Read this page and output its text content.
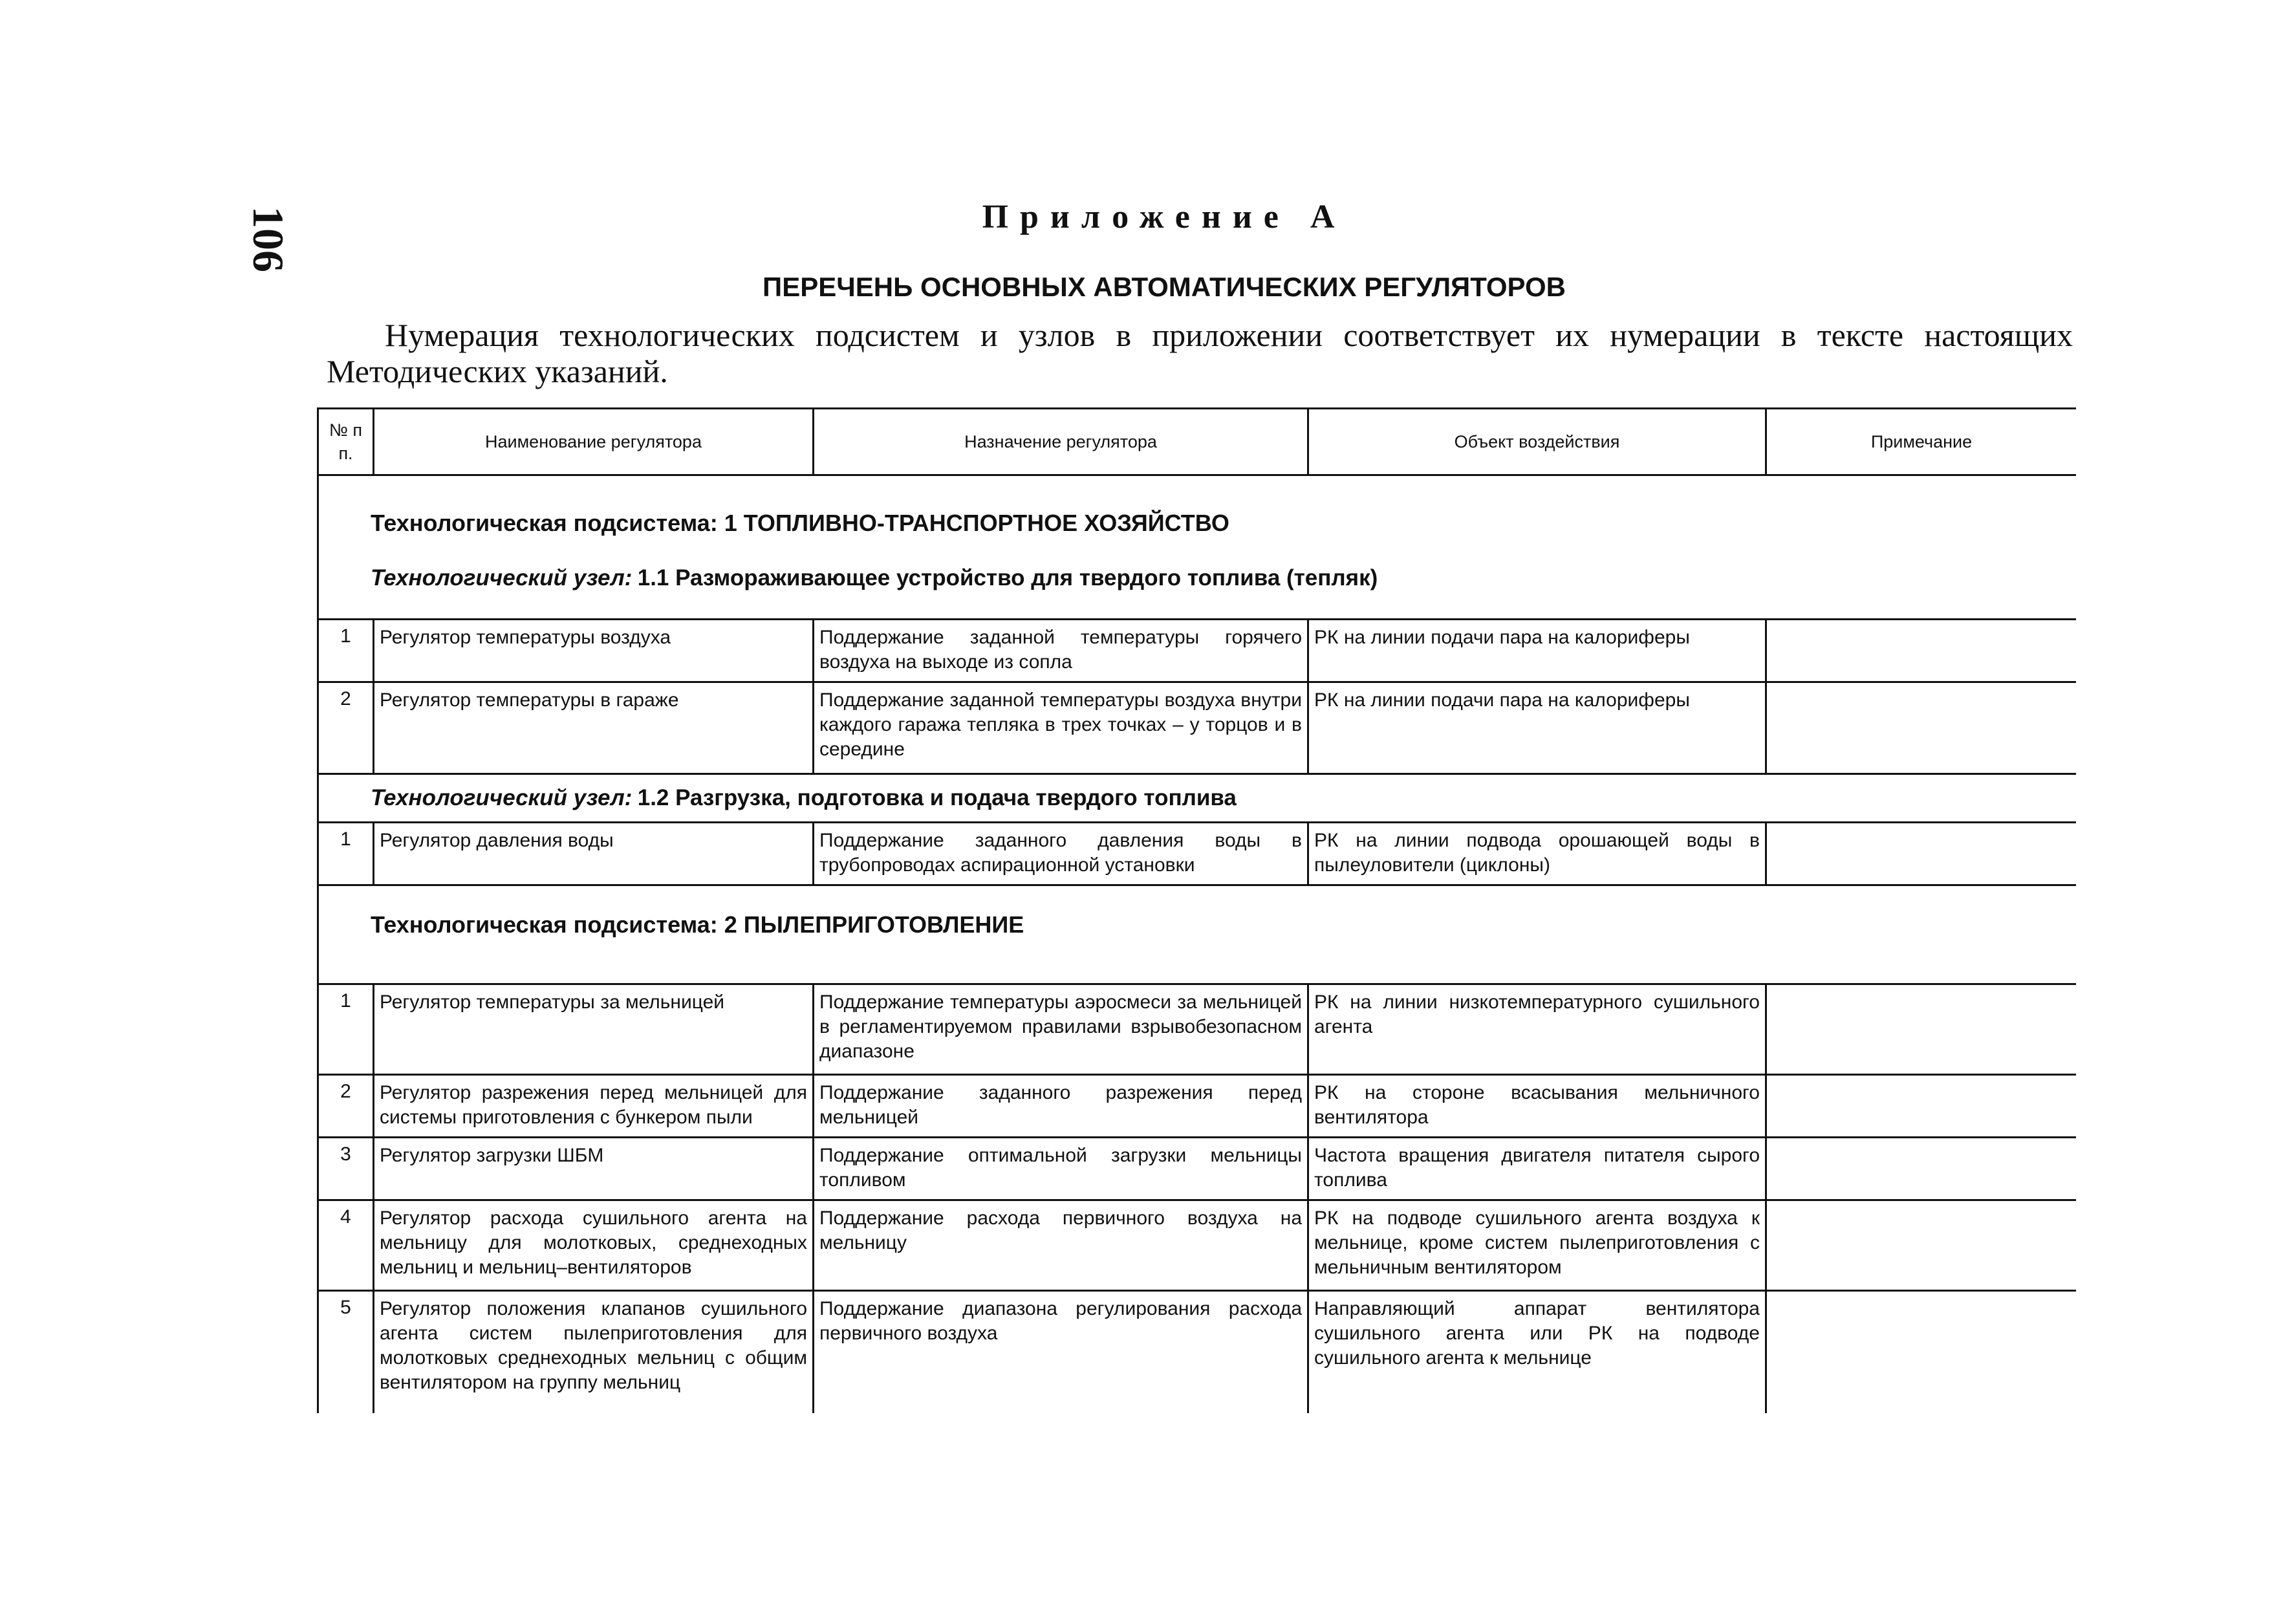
106	Приложение А
ПЕРЕЧЕНЬ ОСНОВНЫХ АВТОМАТИЧЕСКИХ РЕГУЛЯТОРОВ
Нумерация технологических подсистем и узлов в приложении соответствует их нумерации в тексте настоящих Методических указаний.
№ п п.	Наименование регулятора	Назначение регулятора	Объект воздействия	Примечание

Технологическая подсистема: 1 ТОПЛИВНО-ТРАНСПОРТНОЕ ХОЗЯЙСТВО
Технологический узел: 1.1 Размораживающее устройство для твердого топлива (тепляк)				

1	Регулятор температуры воздуха	Поддержание заданной температуры горячего воздуха на выходе из сопла	РК на линии подачи пара на калориферы	
2	Регулятор температуры в гараже	Поддержание заданной температуры воздуха внутри каждого гаража тепляка в трех точках – у торцов и в середине	РК на линии подачи пара на калориферы	
Технологический узел: 1.2 Разгрузка, подготовка и подача твердого топлива				
1	Регулятор давления воды	Поддержание заданного давления воды в трубопроводах аспирационной установки	РК на линии подвода орошающей воды в пылеуловители (циклоны)	

Технологическая подсистема: 2 ПЫЛЕПРИГОТОВЛЕНИЕ				

1	Регулятор температуры за мельницей	Поддержание температуры аэросмеси за мельницей в регламентируемом правилами взрывобезопасном диапазоне	РК на линии низкотемпературного сушильного агента	
2	Регулятор разрежения перед мельницей для системы приготовления с бункером пыли	Поддержание заданного разрежения перед мельницей	РК на стороне всасывания мельничного вентилятора	
3	Регулятор загрузки ШБМ	Поддержание оптимальной загрузки мельницы топливом	Частота вращения двигателя питателя сырого топлива	
4	Регулятор расхода сушильного агента на мельницу для молотковых, среднеходных мельниц и мельниц–вентиляторов	Поддержание расхода первичного воздуха на мельницу	РК на подводе сушильного агента воздуха к мельнице, кроме систем пылеприготовления с мельничным вентилятором	
5	Регулятор положения клапанов сушильного агента систем пылеприготовления для молотковых среднеходных мельниц с общим вентилятором на группу мельниц	Поддержание диапазона регулирования расхода первичного воздуха	Направляющий аппарат вентилятора сушильного агента или РК на подводе сушильного агента к мельнице	
